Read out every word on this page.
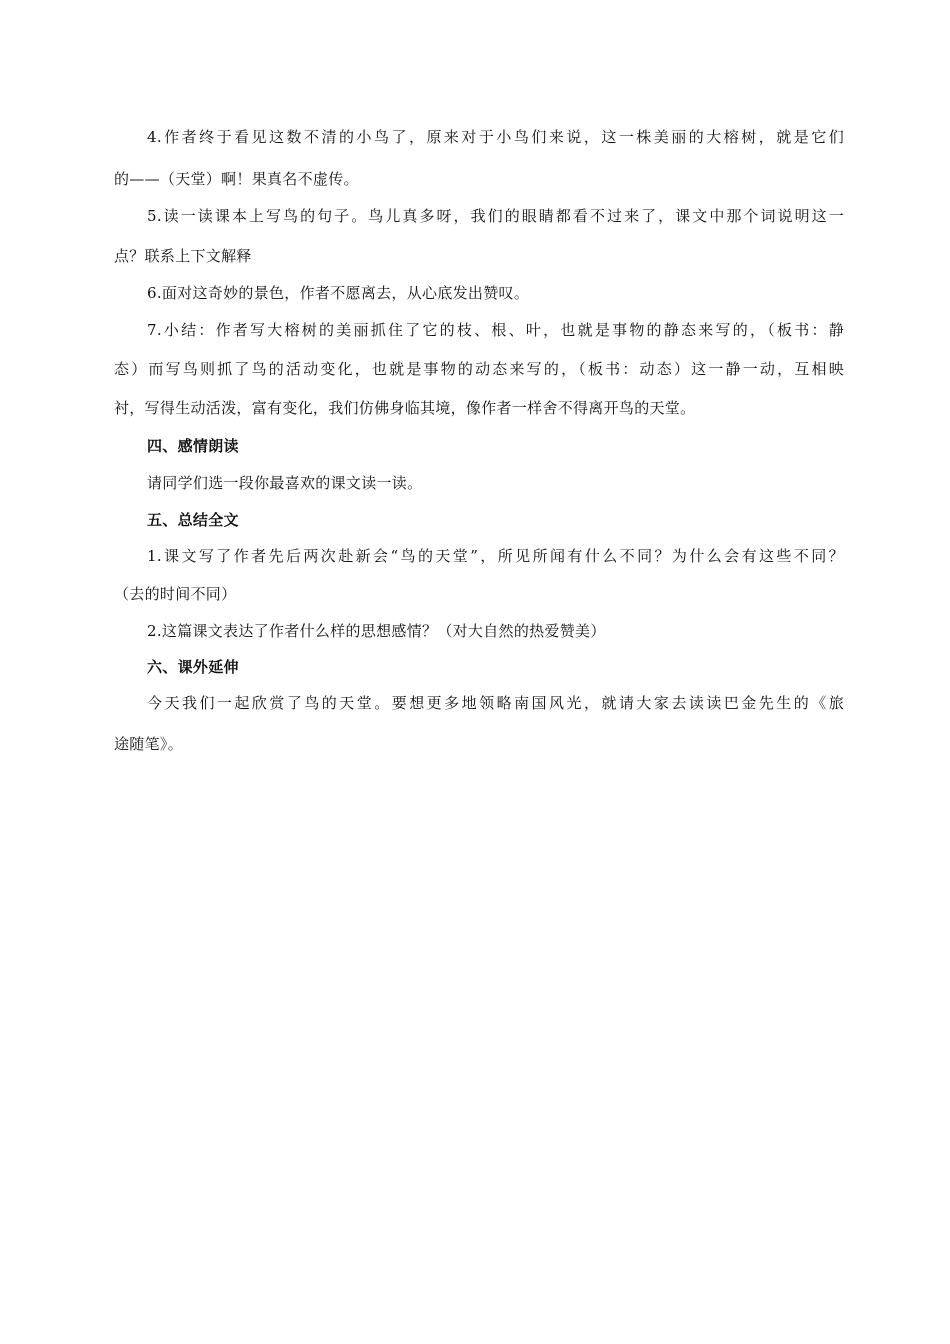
4.作者终于看见这数不清的小鸟了，原来对于小鸟们来说，这一株美丽的大榕树，就是它们
的——（天堂）啊！果真名不虚传。
5.读一读课本上写鸟的句子。鸟儿真多呀，我们的眼睛都看不过来了，课文中那个词说明这一
点？联系上下文解释
6.面对这奇妙的景色，作者不愿离去，从心底发出赞叹。
7.小结：作者写大榕树的美丽抓住了它的枝、根、叶，也就是事物的静态来写的，（板书：静
态）而写鸟则抓了鸟的活动变化，也就是事物的动态来写的，（板书：动态）这一静一动，互相映
衬，写得生动活泼，富有变化，我们仿佛身临其境，像作者一样舍不得离开鸟的天堂。
四、感情朗读
请同学们选一段你最喜欢的课文读一读。
五、总结全文
1.课文写了作者先后两次赴新会“鸟的天堂”，所见所闻有什么不同？为什么会有这些不同？
（去的时间不同）
2.这篇课文表达了作者什么样的思想感情？（对大自然的热爱赞美）
六、课外延伸
今天我们一起欣赏了鸟的天堂。要想更多地领略南国风光，就请大家去读读巴金先生的《旅
途随笔》。
